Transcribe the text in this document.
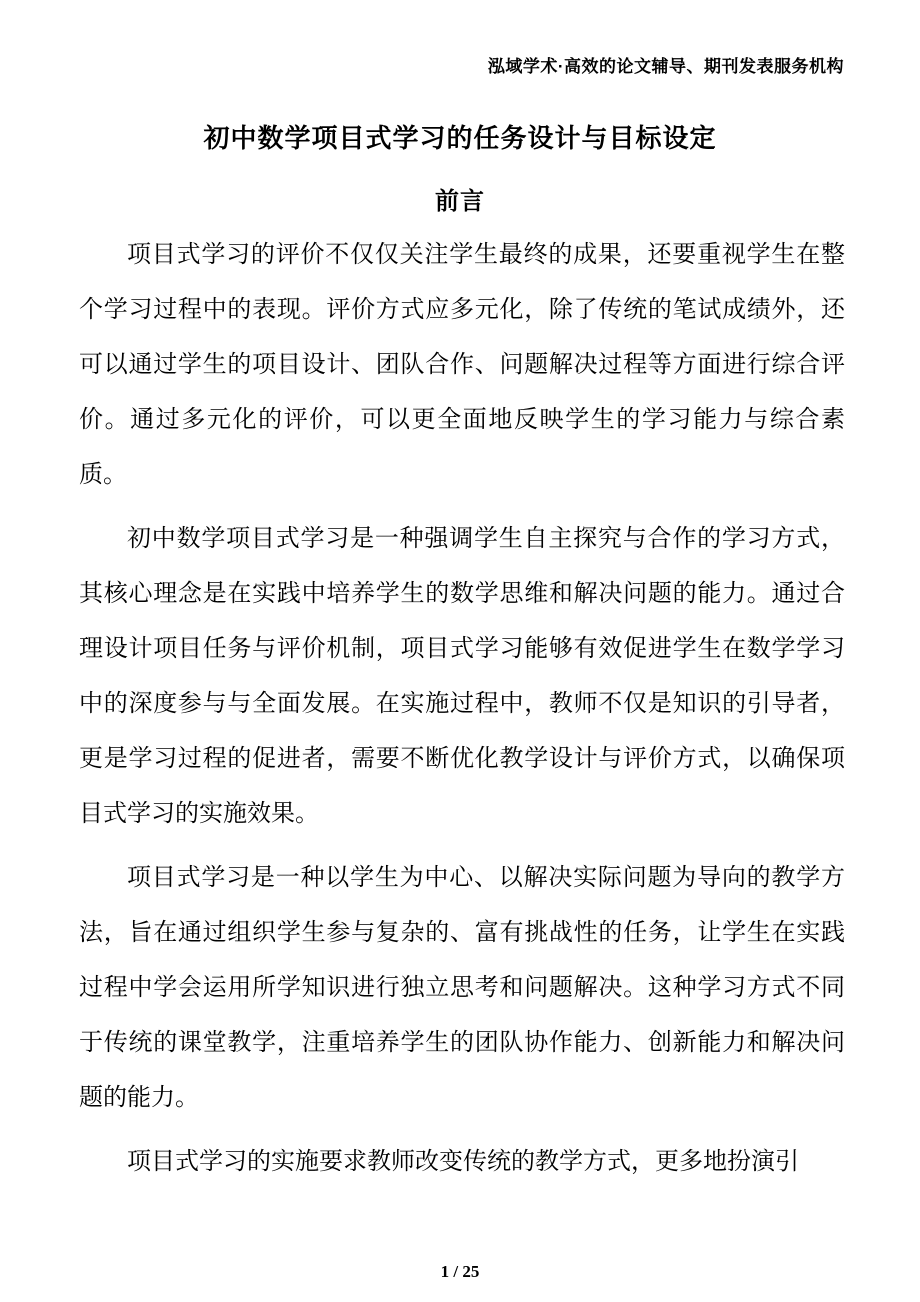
泓域学术·高效的论文辅导、期刊发表服务机构
初中数学项目式学习的任务设计与目标设定
前言

项目式学习的评价不仅仅关注学生最终的成果，还要重视学生在整个学习过程中的表现。评价方式应多元化，除了传统的笔试成绩外，还可以通过学生的项目设计、团队合作、问题解决过程等方面进行综合评价。通过多元化的评价，可以更全面地反映学生的学习能力与综合素质。

初中数学项目式学习是一种强调学生自主探究与合作的学习方式，其核心理念是在实践中培养学生的数学思维和解决问题的能力。通过合理设计项目任务与评价机制，项目式学习能够有效促进学生在数学学习中的深度参与与全面发展。在实施过程中，教师不仅是知识的引导者，更是学习过程的促进者，需要不断优化教学设计与评价方式，以确保项目式学习的实施效果。

项目式学习是一种以学生为中心、以解决实际问题为导向的教学方法，旨在通过组织学生参与复杂的、富有挑战性的任务，让学生在实践过程中学会运用所学知识进行独立思考和问题解决。这种学习方式不同于传统的课堂教学，注重培养学生的团队协作能力、创新能力和解决问题的能力。

项目式学习的实施要求教师改变传统的教学方式，更多地扮演引

1 / 25
